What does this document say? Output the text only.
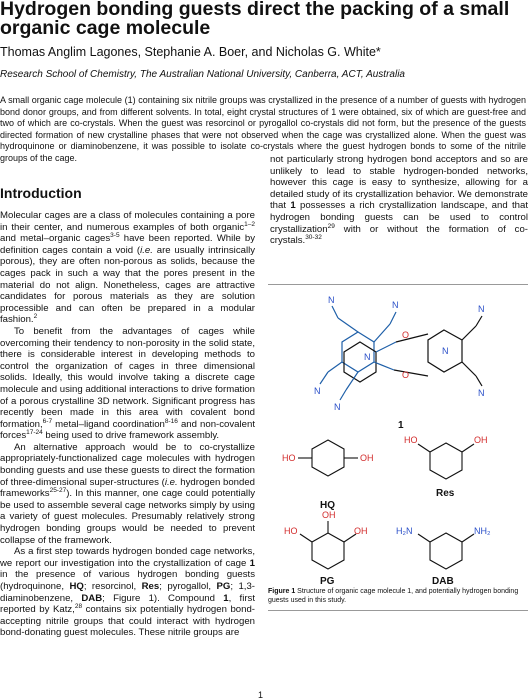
Hydrogen bonding guests direct the packing of a small organic cage molecule

Thomas Anglim Lagones, Stephanie A. Boer, and Nicholas G. White*

Research School of Chemistry, The Australian National University, Canberra, ACT, Australia

A small organic cage molecule (1) containing six nitrile groups was crystallized in the presence of a number of guests with hydrogen bond donor groups, and from different solvents. In total, eight crystal structures of 1 were obtained, six of which are guest-free and two of which are co-crystals. When the guest was resorcinol or pyrogallol co-crystals did not form, but the presence of the guests directed formation of new crystalline phases that were not observed when the cage was crystallized alone. When the guest was hydroquinone or diaminobenzene, it was possible to isolate co-crystals where the guest hydrogen bonds to some of the nitrile groups of the cage.

Introduction

Molecular cages are a class of molecules containing a pore in their center, and numerous examples of both organic$^{1-2}$ and metal–organic cages$^{3-5}$ have been reported. While by definition cages contain a void (i.e. are usually intrinsically porous), they are often non-porous as solids, because the cages pack in such a way that the pores present in the material do not align. Nonetheless, cages are attractive candidates for porous materials as they are solution processible and can often be prepared in a modular fashion.$^2$

To benefit from the advantages of cages while overcoming their tendency to non-porosity in the solid state, there is considerable interest in developing methods to control the organization of cages in three dimensional solids. Ideally, this would involve taking a discrete cage molecule and using additional interactions to drive formation of a porous crystalline 3D network. Significant progress has recently been made in this area with covalent bond formation,$^{6-7}$ metal–ligand coordination$^{8-16}$ and non-covalent forces$^{17-24}$ being used to drive framework assembly.

An alternative approach would be to co-crystallize appropriately-functionalized cage molecules with hydrogen bonding guests and use these guests to direct the formation of three-dimensional super-structures (i.e. hydrogen bonded frameworks$^{25-27}$). In this manner, one cage could potentially be used to assemble several cage networks simply by using a variety of guest molecules. Presumably relatively strong hydrogen bonding groups would be needed to prevent collapse of the framework.

As a first step towards hydrogen bonded cage networks, we report our investigation into the crystallization of cage 1 in the presence of various hydrogen bonding guests (hydroquinone, HQ; resorcinol, Res; pyrogallol, PG; 1,3-diaminobenzene, DAB; Figure 1). Compound 1, first reported by Katz,$^{28}$ contains six potentially hydrogen bond-accepting nitrile groups that could interact with hydrogen bond-donating guest molecules. These nitrile groups are

not particularly strong hydrogen bond acceptors and so are unlikely to lead to stable hydrogen-bonded networks, however this cage is easy to synthesize, allowing for a detailed study of its crystallization behavior. We demonstrate that 1 possesses a rich crystallization landscape, and that hydrogen bonding guests can be used to control crystallization$^{29}$ with or without the formation of co-crystals.$^{30-32}$

N	N
N
N
N
N
N
N
O
O
HO	OH
HO	OH
HO
OH
OH	H₂N	NH₂
1
HQ
Res
PG	DAB

Figure 1 Structure of organic cage molecule 1, and potentially hydrogen bonding guests used in this study.

1
